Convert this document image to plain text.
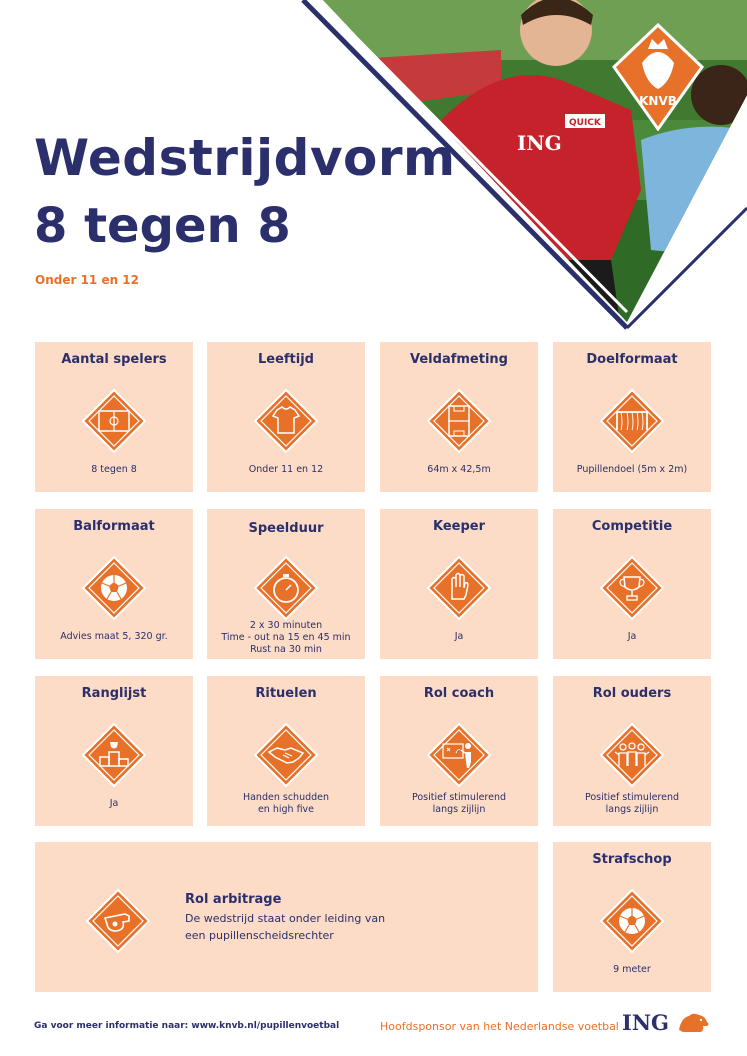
ING
QUICK
KNVB
Wedstrijdvorm
8 tegen 8
Onder 11 en 12
Aantal spelers
8 tegen 8
Leeftijd
Onder 11 en 12
Veldafmeting
64m x 42,5m
Doelformaat
Pupillendoel (5m x 2m)
Balformaat
Advies maat 5, 320 gr.
Speelduur
2 x 30 minuten
Time - out na 15 en 45 min
Rust na 30 min
Keeper
Ja
Competitie
Ja
Ranglijst
Ja
Rituelen
Handen schudden
en high five
Rol coach
Positief stimulerend
langs zijlijn
Rol ouders
Positief stimulerend
langs zijlijn
Rol arbitrage
De wedstrijd staat onder leiding van
een pupillenscheidsrechter
Strafschop
9 meter
Ga voor meer informatie naar: www.knvb.nl/pupillenvoetbal	Hoofdsponsor van het Nederlandse voetbal ING
